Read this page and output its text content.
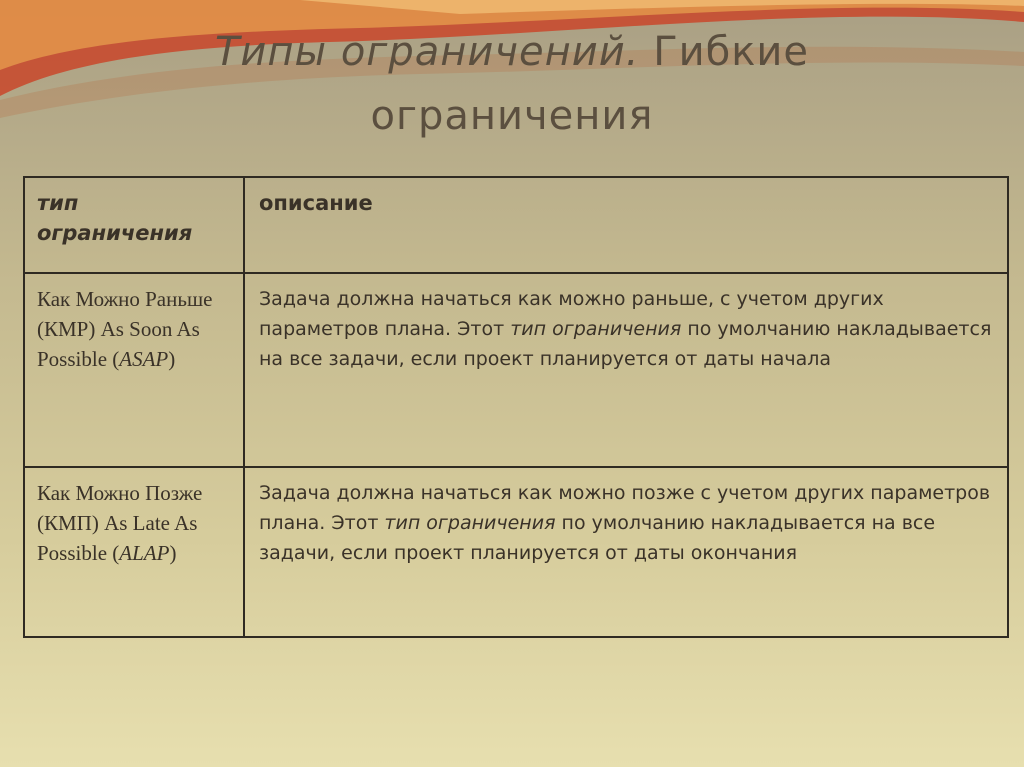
Типы ограничений. Гибкие
ограничения
тип ограничения
описание
Как Можно Раньше (КМР) As Soon As Possible (ASAP)
Задача должна начаться как можно раньше, с учетом других параметров плана. Этот тип ограничения по умолчанию накладывается на все задачи, если проект планируется от даты начала
Как Можно Позже (КМП) As Late As Possible (ALAP)
Задача должна начаться как можно позже с учетом других параметров плана. Этот тип ограничения по умолчанию накладывается на все задачи, если проект планируется от даты окончания
